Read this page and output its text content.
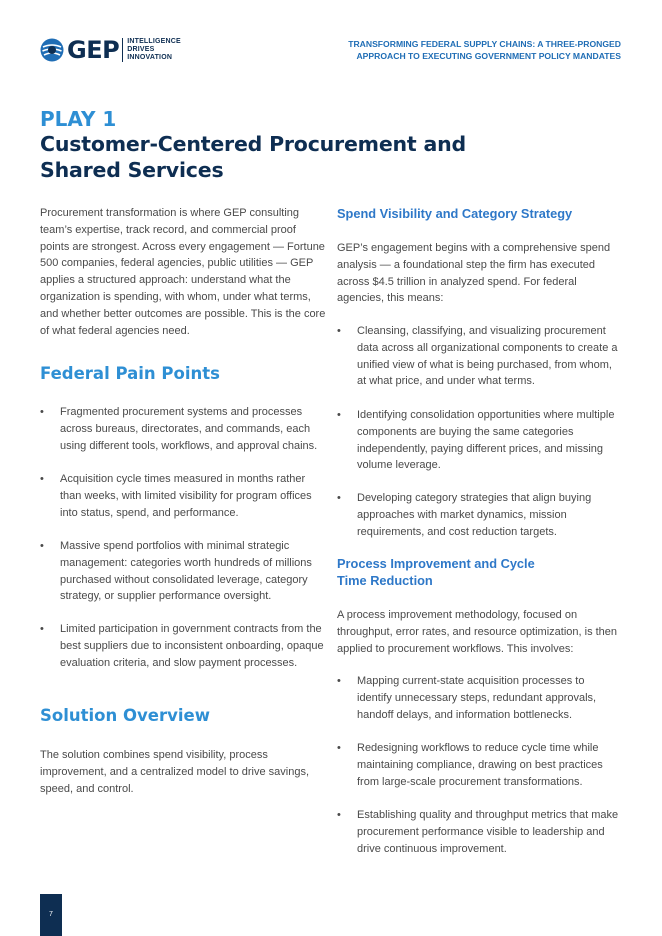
GEP INTELLIGENCE
DRIVES
INNOVATION
TRANSFORMING FEDERAL SUPPLY CHAINS: A THREE-PRONGED
APPROACH TO EXECUTING GOVERNMENT POLICY MANDATES
PLAY 1
Customer-Centered Procurement and
Shared Services

Procurement transformation is where GEP consulting team’s expertise, track record, and commercial proof points are strongest. Across every engagement — Fortune 500 companies, federal agencies, public utilities — GEP applies a structured approach: understand what the organization is spending, with whom, under what terms, and whether better outcomes are possible. This is the core of what federal agencies need.

Federal Pain Points
• Fragmented procurement systems and processes across bureaus, directorates, and commands, each using different tools, workflows, and approval chains.
• Acquisition cycle times measured in months rather than weeks, with limited visibility for program offices into status, spend, and performance.
• Massive spend portfolios with minimal strategic management: categories worth hundreds of millions purchased without consolidated leverage, category strategy, or supplier performance oversight.
• Limited participation in government contracts from the best suppliers due to inconsistent onboarding, opaque evaluation criteria, and slow payment processes.
Solution Overview

The solution combines spend visibility, process improvement, and a centralized model to drive savings, speed, and control.

Spend Visibility and Category Strategy

GEP’s engagement begins with a comprehensive spend analysis — a foundational step the firm has executed across $4.5 trillion in analyzed spend. For federal agencies, this means:

• Cleansing, classifying, and visualizing procurement data across all organizational components to create a unified view of what is being purchased, from whom, at what price, and under what terms.
• Identifying consolidation opportunities where multiple components are buying the same categories independently, paying different prices, and missing volume leverage.
• Developing category strategies that align buying approaches with market dynamics, mission requirements, and cost reduction targets.
Process Improvement and Cycle
Time Reduction

A process improvement methodology, focused on throughput, error rates, and resource optimization, is then applied to procurement workflows. This involves:

• Mapping current-state acquisition processes to identify unnecessary steps, redundant approvals, handoff delays, and information bottlenecks.
• Redesigning workflows to reduce cycle time while maintaining compliance, drawing on best practices from large-scale procurement transformations.
• Establishing quality and throughput metrics that make procurement performance visible to leadership and drive continuous improvement.
7
